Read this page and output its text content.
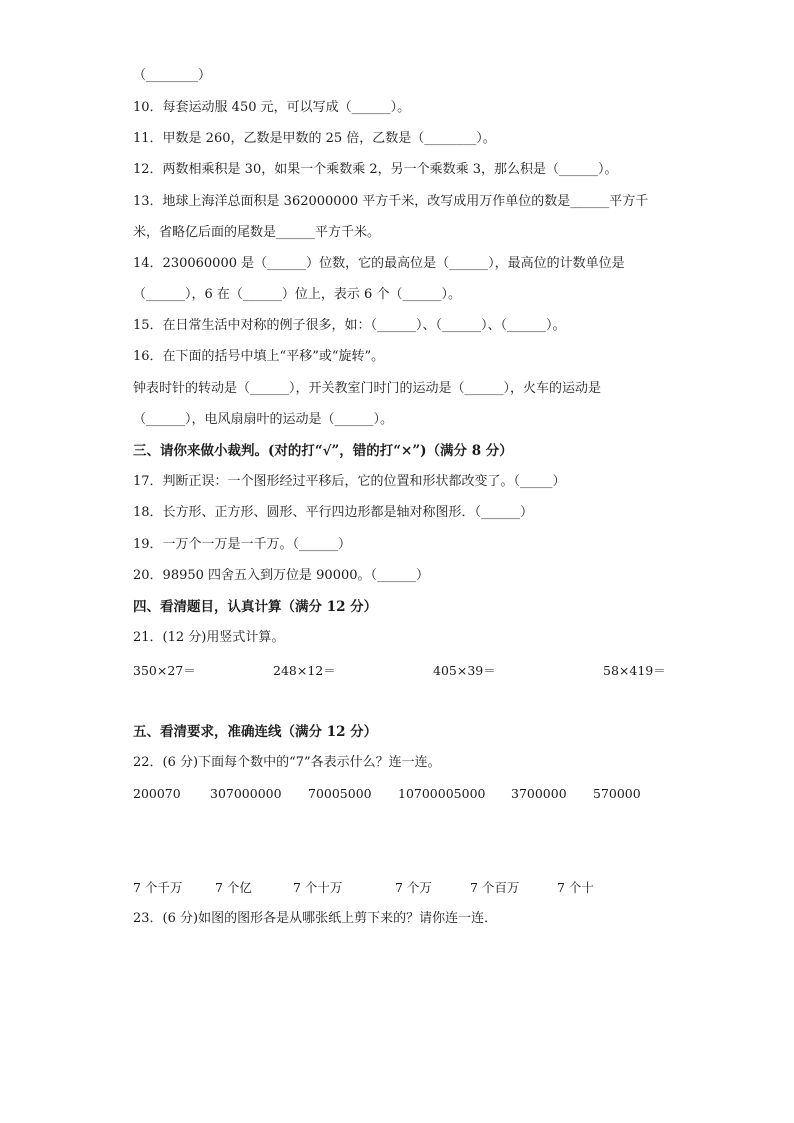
（________）
10．每套运动服 450 元，可以写成（______）。
11．甲数是 260，乙数是甲数的 25 倍，乙数是（________）。
12．两数相乘积是 30，如果一个乘数乘 2，另一个乘数乘 3，那么积是（______）。
13．地球上海洋总面积是 362000000 平方千米，改写成用万作单位的数是______平方千
米，省略亿后面的尾数是______平方千米。
14．230060000 是（______）位数，它的最高位是（______），最高位的计数单位是
（______），6 在（______）位上，表示 6 个（______）。
15．在日常生活中对称的例子很多，如：（______）、（______）、（______）。
16．在下面的括号中填上“平移”或“旋转”。
钟表时针的转动是（______），开关教室门时门的运动是（______），火车的运动是
（______），电风扇扇叶的运动是（______）。
三、请你来做小裁判。(对的打“√”，错的打“×”)（满分 8 分）
17．判断正误：一个图形经过平移后，它的位置和形状都改变了。（_____）
18．长方形、正方形、圆形、平行四边形都是轴对称图形．（______）
19．一万个一万是一千万。（______）
20．98950 四舍五入到万位是 90000。（______）
四、看清题目，认真计算（满分 12 分）
21．(12 分)用竖式计算。
350×27＝	248×12＝	405×39＝	58×419＝
五、看清要求，准确连线（满分 12 分）
22．(6 分)下面每个数中的“7”各表示什么？连一连。
200070 307000000 70005000 10700005000 3700000 570000
7 个千万	7 个亿	7 个十万	7 个万	7 个百万	7 个十
23．(6 分)如图的图形各是从哪张纸上剪下来的？请你连一连．
